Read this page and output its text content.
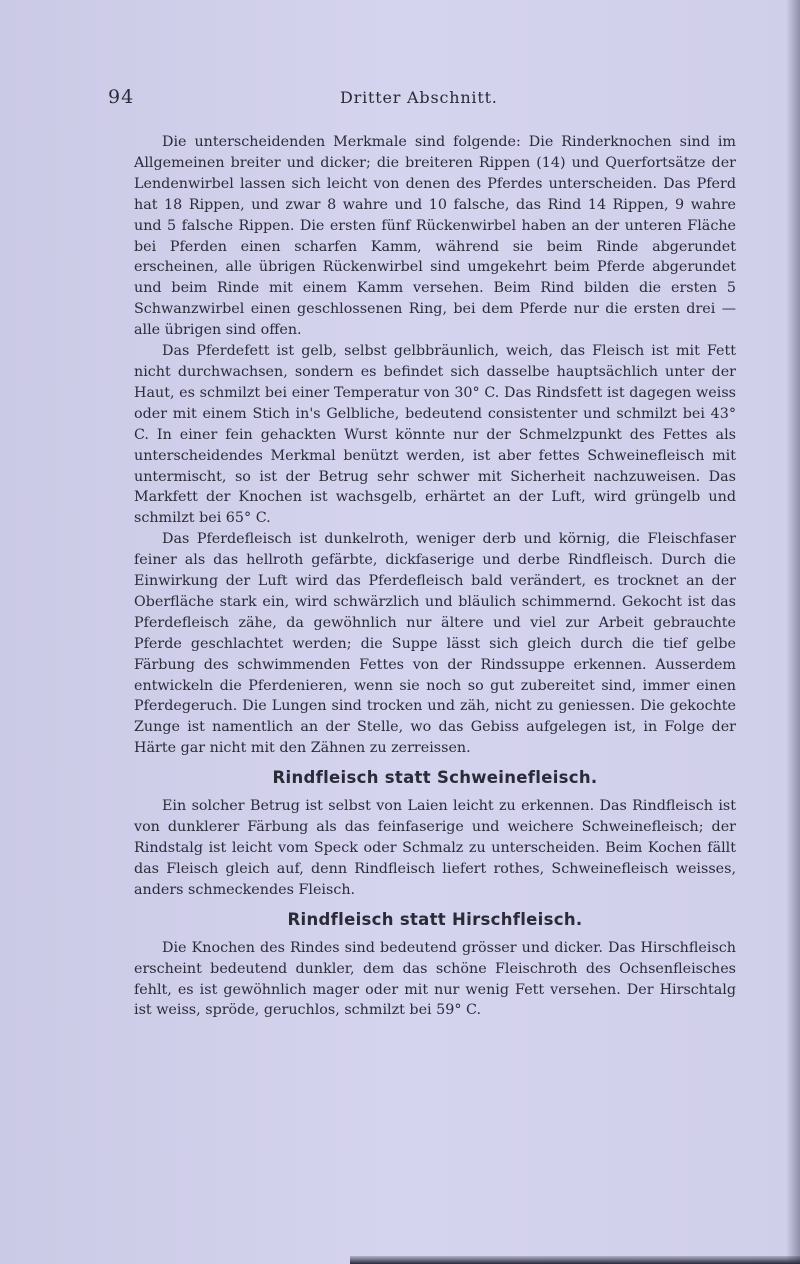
94	Dritter Abschnitt.

Die unterscheidenden Merkmale sind folgende: Die Rinderknochen sind im Allgemeinen breiter und dicker; die breiteren Rippen (14) und Querfortsätze der Lendenwirbel lassen sich leicht von denen des Pferdes unterscheiden. Das Pferd hat 18 Rippen, und zwar 8 wahre und 10 falsche, das Rind 14 Rippen, 9 wahre und 5 falsche Rippen. Die ersten fünf Rückenwirbel haben an der unteren Fläche bei Pferden einen scharfen Kamm, während sie beim Rinde abgerundet erscheinen, alle übrigen Rückenwirbel sind umgekehrt beim Pferde abgerundet und beim Rinde mit einem Kamm versehen. Beim Rind bilden die ersten 5 Schwanzwirbel einen geschlossenen Ring, bei dem Pferde nur die ersten drei — alle übrigen sind offen.

Das Pferdefett ist gelb, selbst gelbbräunlich, weich, das Fleisch ist mit Fett nicht durchwachsen, sondern es befindet sich dasselbe hauptsächlich unter der Haut, es schmilzt bei einer Temperatur von 30° C. Das Rindsfett ist dagegen weiss oder mit einem Stich in's Gelbliche, bedeutend consistenter und schmilzt bei 43° C. In einer fein gehackten Wurst könnte nur der Schmelzpunkt des Fettes als unterscheidendes Merkmal benützt werden, ist aber fettes Schweinefleisch mit untermischt, so ist der Betrug sehr schwer mit Sicherheit nachzuweisen. Das Markfett der Knochen ist wachsgelb, erhärtet an der Luft, wird grüngelb und schmilzt bei 65° C.

Das Pferdefleisch ist dunkelroth, weniger derb und körnig, die Fleischfaser feiner als das hellroth gefärbte, dickfaserige und derbe Rindfleisch. Durch die Einwirkung der Luft wird das Pferdefleisch bald verändert, es trocknet an der Oberfläche stark ein, wird schwärzlich und bläulich schimmernd. Gekocht ist das Pferdefleisch zähe, da gewöhnlich nur ältere und viel zur Arbeit gebrauchte Pferde geschlachtet werden; die Suppe lässt sich gleich durch die tief gelbe Färbung des schwimmenden Fettes von der Rindssuppe erkennen. Ausserdem entwickeln die Pferdenieren, wenn sie noch so gut zubereitet sind, immer einen Pferdegeruch. Die Lungen sind trocken und zäh, nicht zu geniessen. Die gekochte Zunge ist namentlich an der Stelle, wo das Gebiss aufgelegen ist, in Folge der Härte gar nicht mit den Zähnen zu zerreissen.

Rindfleisch statt Schweinefleisch.

Ein solcher Betrug ist selbst von Laien leicht zu erkennen. Das Rindfleisch ist von dunklerer Färbung als das feinfaserige und weichere Schweinefleisch; der Rindstalg ist leicht vom Speck oder Schmalz zu unterscheiden. Beim Kochen fällt das Fleisch gleich auf, denn Rindfleisch liefert rothes, Schweinefleisch weisses, anders schmeckendes Fleisch.

Rindfleisch statt Hirschfleisch.

Die Knochen des Rindes sind bedeutend grösser und dicker. Das Hirschfleisch erscheint bedeutend dunkler, dem das schöne Fleischroth des Ochsenfleisches fehlt, es ist gewöhnlich mager oder mit nur wenig Fett versehen. Der Hirschtalg ist weiss, spröde, geruchlos, schmilzt bei 59° C.
